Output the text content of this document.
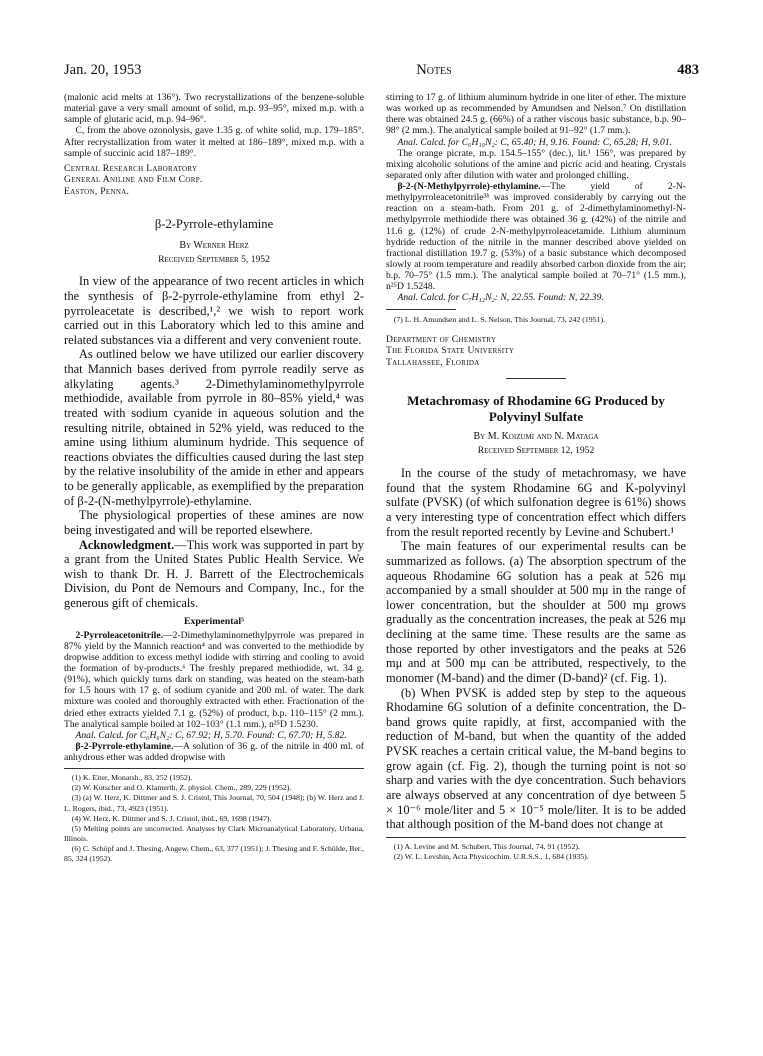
Jan. 20, 1953	Notes	483

(malonic acid melts at 136°). Two recrystallizations of the benzene-soluble material gave a very small amount of solid, m.p. 93–95°, mixed m.p. with a sample of glutaric acid, m.p. 94–96°.

C, from the above ozonolysis, gave 1.35 g. of white solid, m.p. 179–185°. After recrystallization from water it melted at 186–189°, mixed m.p. with a sample of succinic acid 187–189°.

Central Research Laboratory
General Aniline and Film Corp.
Easton, Penna.
β-2-Pyrrole-ethylamine
By Werner Herz
Received September 5, 1952

In view of the appearance of two recent articles in which the synthesis of β-2-pyrrole-ethylamine from ethyl 2-pyrroleacetate is described,¹,² we wish to report work carried out in this Laboratory which led to this amine and related substances via a different and very convenient route.

As outlined below we have utilized our earlier discovery that Mannich bases derived from pyrrole readily serve as alkylating agents.³ 2-Dimethylaminomethylpyrrole methiodide, available from pyrrole in 80–85% yield,⁴ was treated with sodium cyanide in aqueous solution and the resulting nitrile, obtained in 52% yield, was reduced to the amine using lithium aluminum hydride. This sequence of reactions obviates the difficulties caused during the last step by the relative insolubility of the amide in ether and appears to be generally applicable, as exemplified by the preparation of β-2-(N-methylpyrrole)-ethylamine.

The physiological properties of these amines are now being investigated and will be reported elsewhere.

Acknowledgment.—This work was supported in part by a grant from the United States Public Health Service. We wish to thank Dr. H. J. Barrett of the Electrochemicals Division, du Pont de Nemours and Company, Inc., for the generous gift of chemicals.

Experimental⁵

2-Pyrroleacetonitrile.—2-Dimethylaminomethylpyrrole was prepared in 87% yield by the Mannich reaction⁴ and was converted to the methiodide by dropwise addition to excess methyl iodide with stirring and cooling to avoid the formation of by-products.⁶ The freshly prepared methiodide, wt. 34 g. (91%), which quickly turns dark on standing, was heated on the steam-bath for 1.5 hours with 17 g. of sodium cyanide and 200 ml. of water. The dark mixture was cooled and thoroughly extracted with ether. Fractionation of the dried ether extracts yielded 7.1 g. (52%) of product, b.p. 110–115° (2 mm.). The analytical sample boiled at 102–103° (1.1 mm.), n²⁵D 1.5230.

Anal. Calcd. for C₆H₆N₂: C, 67.92; H, 5.70. Found: C, 67.70; H, 5.82.

β-2-Pyrrole-ethylamine.—A solution of 36 g. of the nitrile in 400 ml. of anhydrous ether was added dropwise with

(1) K. Eiter, Monatsh., 83, 252 (1952).
(2) W. Kutscher and O. Klamerth, Z. physiol. Chem., 289, 229 (1952).
(3) (a) W. Herz, K. Dittmer and S. J. Cristol, This Journal, 70, 504 (1948); (b) W. Herz and J. L. Rogers, ibid., 73, 4923 (1951).
(4) W. Herz, K. Dittmer and S. J. Cristol, ibid., 69, 1698 (1947).
(5) Melting points are uncorrected. Analyses by Clark Microanalytical Laboratory, Urbana, Illinois.
(6) C. Schöpf and J. Thesing, Angew. Chem., 63, 377 (1951); J. Thesing and F. Schülde, Ber., 85, 324 (1952).

stirring to 17 g. of lithium aluminum hydride in one liter of ether. The mixture was worked up as recommended by Amundsen and Nelson.⁷ On distillation there was obtained 24.5 g. (66%) of a rather viscous basic substance, b.p. 90–98° (2 mm.). The analytical sample boiled at 91–92° (1.7 mm.).

Anal. Calcd. for C₆H₁₀N₂: C, 65.40; H, 9.16. Found: C, 65.28; H, 9.01.

The orange picrate, m.p. 154.5–155° (dec.), lit.¹ 156°, was prepared by mixing alcoholic solutions of the amine and picric acid and heating. Crystals separated only after dilution with water and prolonged chilling.

β-2-(N-Methylpyrrole)-ethylamine.—The yield of 2-N-methylpyrroleacetonitrile³ᵇ was improved considerably by carrying out the reaction on a steam-bath. From 201 g. of 2-dimethylaminomethyl-N-methylpyrrole methiodide there was obtained 36 g. (42%) of the nitrile and 11.6 g. (12%) of crude 2-N-methylpyrroleacetamide. Lithium aluminum hydride reduction of the nitrile in the manner described above yielded on fractional distillation 19.7 g. (53%) of a basic substance which decomposed slowly at room temperature and readily absorbed carbon dioxide from the air; b.p. 70–75° (1.5 mm.). The analytical sample boiled at 70–71° (1.5 mm.), n²⁵D 1.5248.

Anal. Calcd. for C₇H₁₂N₂: N, 22.55. Found: N, 22.39.

(7) L. H. Amundsen and L. S. Nelson, This Journal, 73, 242 (1951).
Department of Chemistry
The Florida State University
Tallahassee, Florida
Metachromasy of Rhodamine 6G Produced by Polyvinyl Sulfate
By M. Koizumi and N. Mataga
Received September 12, 1952

In the course of the study of metachromasy, we have found that the system Rhodamine 6G and K-polyvinyl sulfate (PVSK) (of which sulfonation degree is 61%) shows a very interesting type of concentration effect which differs from the result reported recently by Levine and Schubert.¹

The main features of our experimental results can be summarized as follows. (a) The absorption spectrum of the aqueous Rhodamine 6G solution has a peak at 526 mμ accompanied by a small shoulder at 500 mμ in the range of lower concentration, but the shoulder at 500 mμ grows gradually as the concentration increases, the peak at 526 mμ declining at the same time. These results are the same as those reported by other investigators and the peaks at 526 mμ and at 500 mμ can be attributed, respectively, to the monomer (M-band) and the dimer (D-band)² (cf. Fig. 1).

(b) When PVSK is added step by step to the aqueous Rhodamine 6G solution of a definite concentration, the D-band grows quite rapidly, at first, accompanied with the reduction of M-band, but when the quantity of the added PVSK reaches a certain critical value, the M-band begins to grow again (cf. Fig. 2), though the turning point is not so sharp and varies with the dye concentration. Such behaviors are always observed at any concentration of dye between 5 × 10⁻⁶ mole/liter and 5 × 10⁻⁵ mole/liter. It is to be added that although position of the M-band does not change at

(1) A. Levine and M. Schubert, This Journal, 74, 91 (1952).
(2) W. L. Levshin, Acta Physicochim. U.R.S.S., 1, 684 (1935).
